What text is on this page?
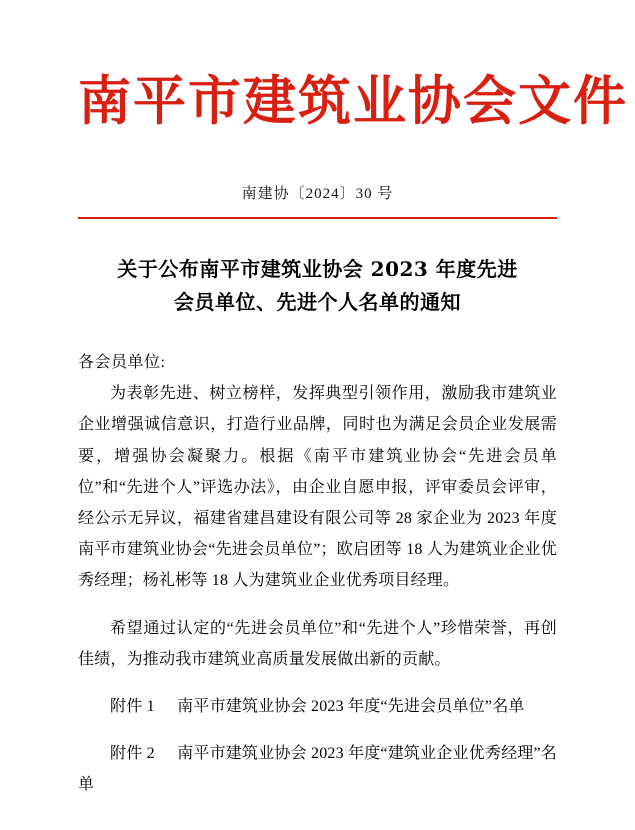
南平市建筑业协会文件
南建协〔2024〕30 号
关于公布南平市建筑业协会 2023 年度先进
会员单位、先进个人名单的通知
各会员单位:

为表彰先进、树立榜样，发挥典型引领作用，激励我市建筑业企业增强诚信意识，打造行业品牌，同时也为满足会员企业发展需要，增强协会凝聚力。根据《南平市建筑业协会“先进会员单位”和“先进个人”评选办法》，由企业自愿申报，评审委员会评审，经公示无异议，福建省建昌建设有限公司等 28 家企业为 2023 年度南平市建筑业协会“先进会员单位”；欧启团等 18 人为建筑业企业优秀经理；杨礼彬等 18 人为建筑业企业优秀项目经理。

希望通过认定的“先进会员单位”和“先进个人”珍惜荣誉，再创佳绩，为推动我市建筑业高质量发展做出新的贡献。

附件 1 南平市建筑业协会 2023 年度“先进会员单位”名单

附件 2 南平市建筑业协会 2023 年度“建筑业企业优秀经理”名单
